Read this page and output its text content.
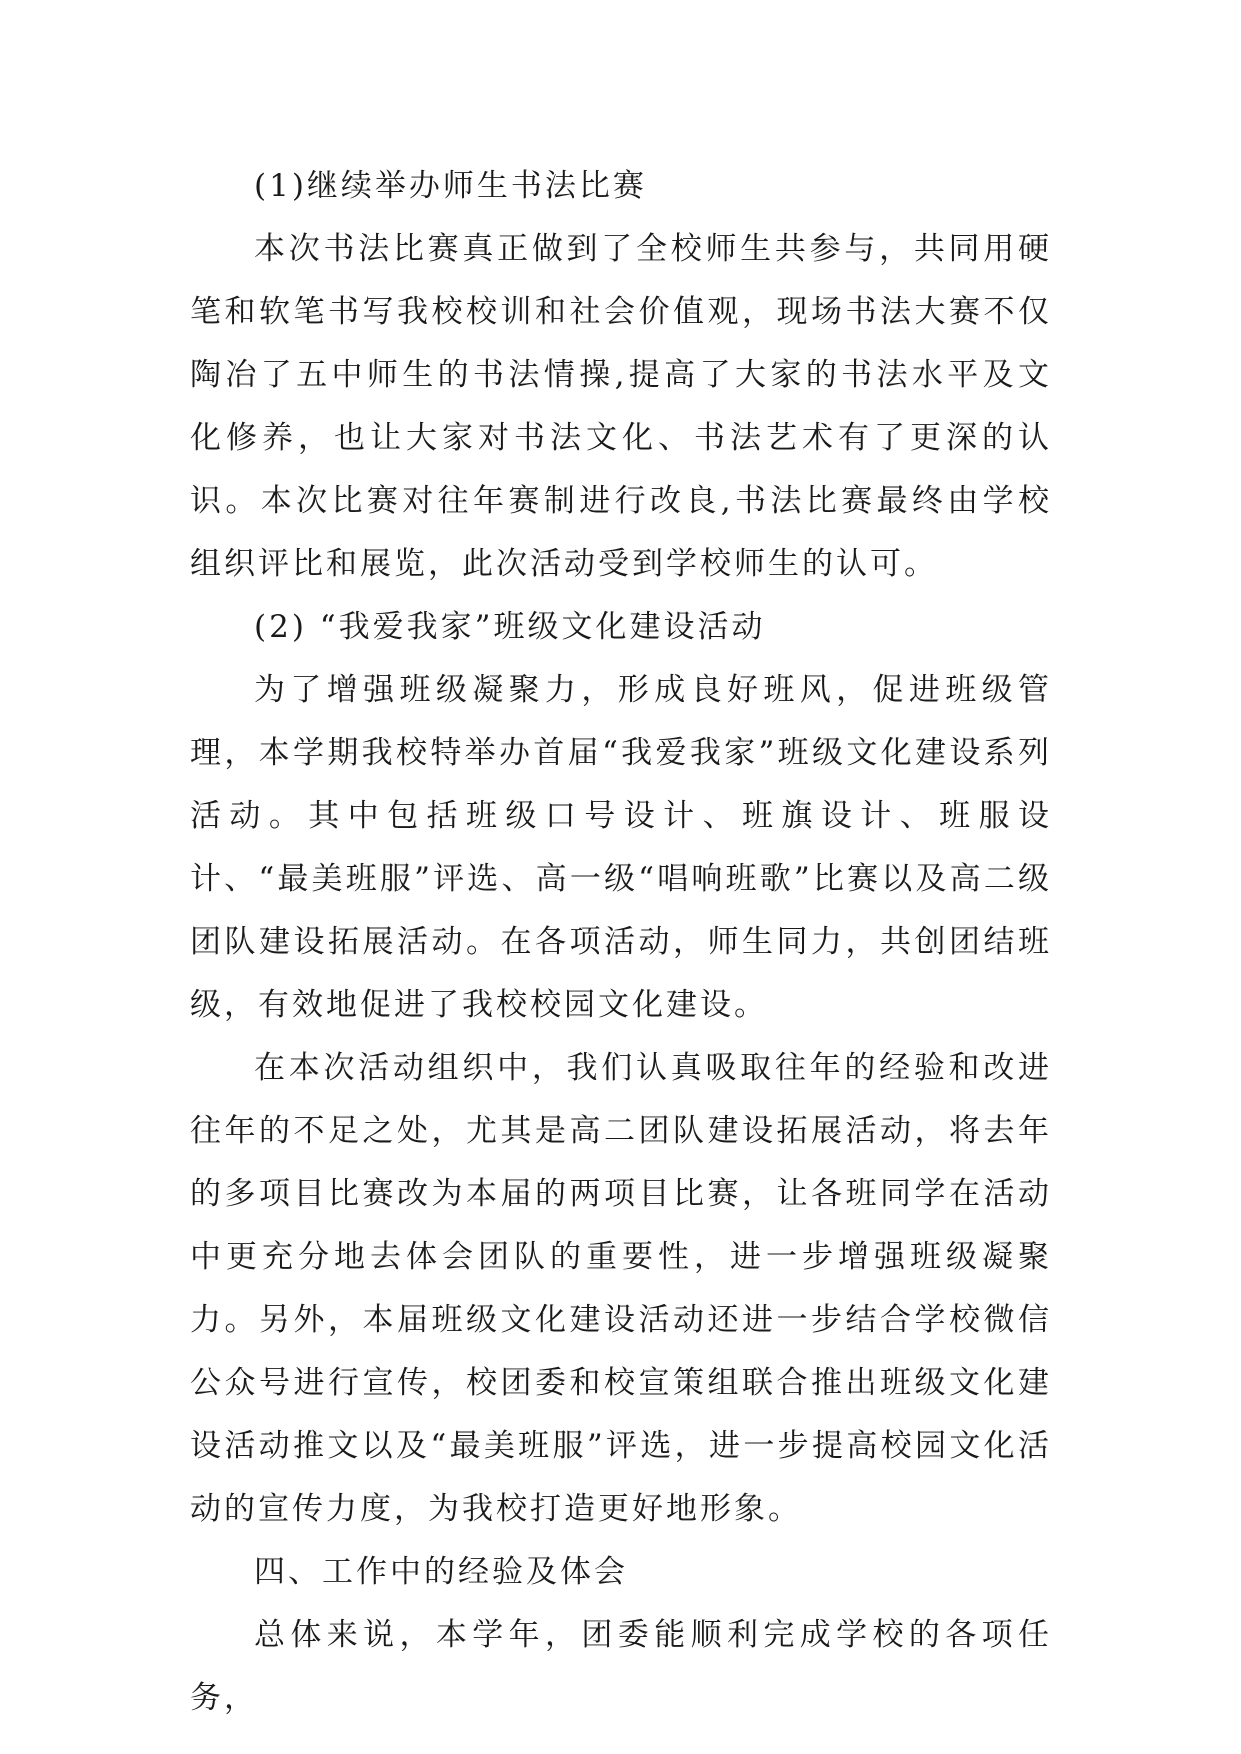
(1)继续举办师生书法比赛

本次书法比赛真正做到了全校师生共参与，共同用硬笔和软笔书写我校校训和社会价值观，现场书法大赛不仅陶冶了五中师生的书法情操,提高了大家的书法水平及文化修养，也让大家对书法文化、书法艺术有了更深的认识。本次比赛对往年赛制进行改良,书法比赛最终由学校组织评比和展览，此次活动受到学校师生的认可。

(2) “我爱我家”班级文化建设活动

为了增强班级凝聚力，形成良好班风，促进班级管理，本学期我校特举办首届“我爱我家”班级文化建设系列活动。其中包括班级口号设计、班旗设计、班服设计、“最美班服”评选、高一级“唱响班歌”比赛以及高二级团队建设拓展活动。在各项活动，师生同力，共创团结班级，有效地促进了我校校园文化建设。

在本次活动组织中，我们认真吸取往年的经验和改进往年的不足之处，尤其是高二团队建设拓展活动，将去年的多项目比赛改为本届的两项目比赛，让各班同学在活动中更充分地去体会团队的重要性，进一步增强班级凝聚力。另外，本届班级文化建设活动还进一步结合学校微信公众号进行宣传，校团委和校宣策组联合推出班级文化建设活动推文以及“最美班服”评选，进一步提高校园文化活动的宣传力度，为我校打造更好地形象。

四、工作中的经验及体会

总体来说，本学年，团委能顺利完成学校的各项任务，
